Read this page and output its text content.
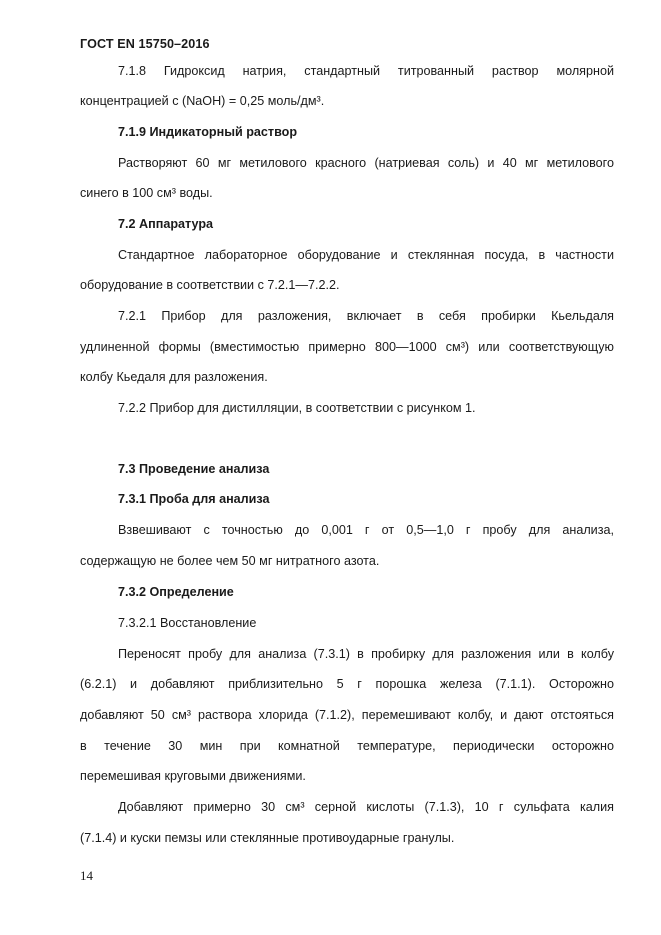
ГОСТ EN 15750–2016
7.1.8 Гидроксид натрия, стандартный титрованный раствор молярной
концентрацией c (NaOH) = 0,25 моль/дм³.
7.1.9 Индикаторный раствор
Растворяют 60 мг метилового красного (натриевая соль) и 40 мг метилового
синего в 100 см³ воды.
7.2 Аппаратура
Стандартное лабораторное оборудование и стеклянная посуда, в частности
оборудование в соответствии с 7.2.1—7.2.2.
7.2.1 Прибор для разложения, включает в себя пробирки Кьельдаля
удлиненной формы (вместимостью примерно 800—1000 см³) или соответствующую
колбу Кьедаля для разложения.
7.2.2 Прибор для дистилляции, в соответствии с рисунком 1.
7.3 Проведение анализа
7.3.1 Проба для анализа
Взвешивают с точностью до 0,001 г от 0,5—1,0 г пробу для анализа,
содержащую не более чем 50 мг нитратного азота.
7.3.2 Определение
7.3.2.1 Восстановление
Переносят пробу для анализа (7.3.1) в пробирку для разложения или в колбу
(6.2.1) и добавляют приблизительно 5 г порошка железа (7.1.1). Осторожно
добавляют 50 см³ раствора хлорида (7.1.2), перемешивают колбу, и дают отстояться
в течение 30 мин при комнатной температуре, периодически осторожно
перемешивая круговыми движениями.
Добавляют примерно 30 см³ серной кислоты (7.1.3), 10 г сульфата калия
(7.1.4) и куски пемзы или стеклянные противоударные гранулы.
14
